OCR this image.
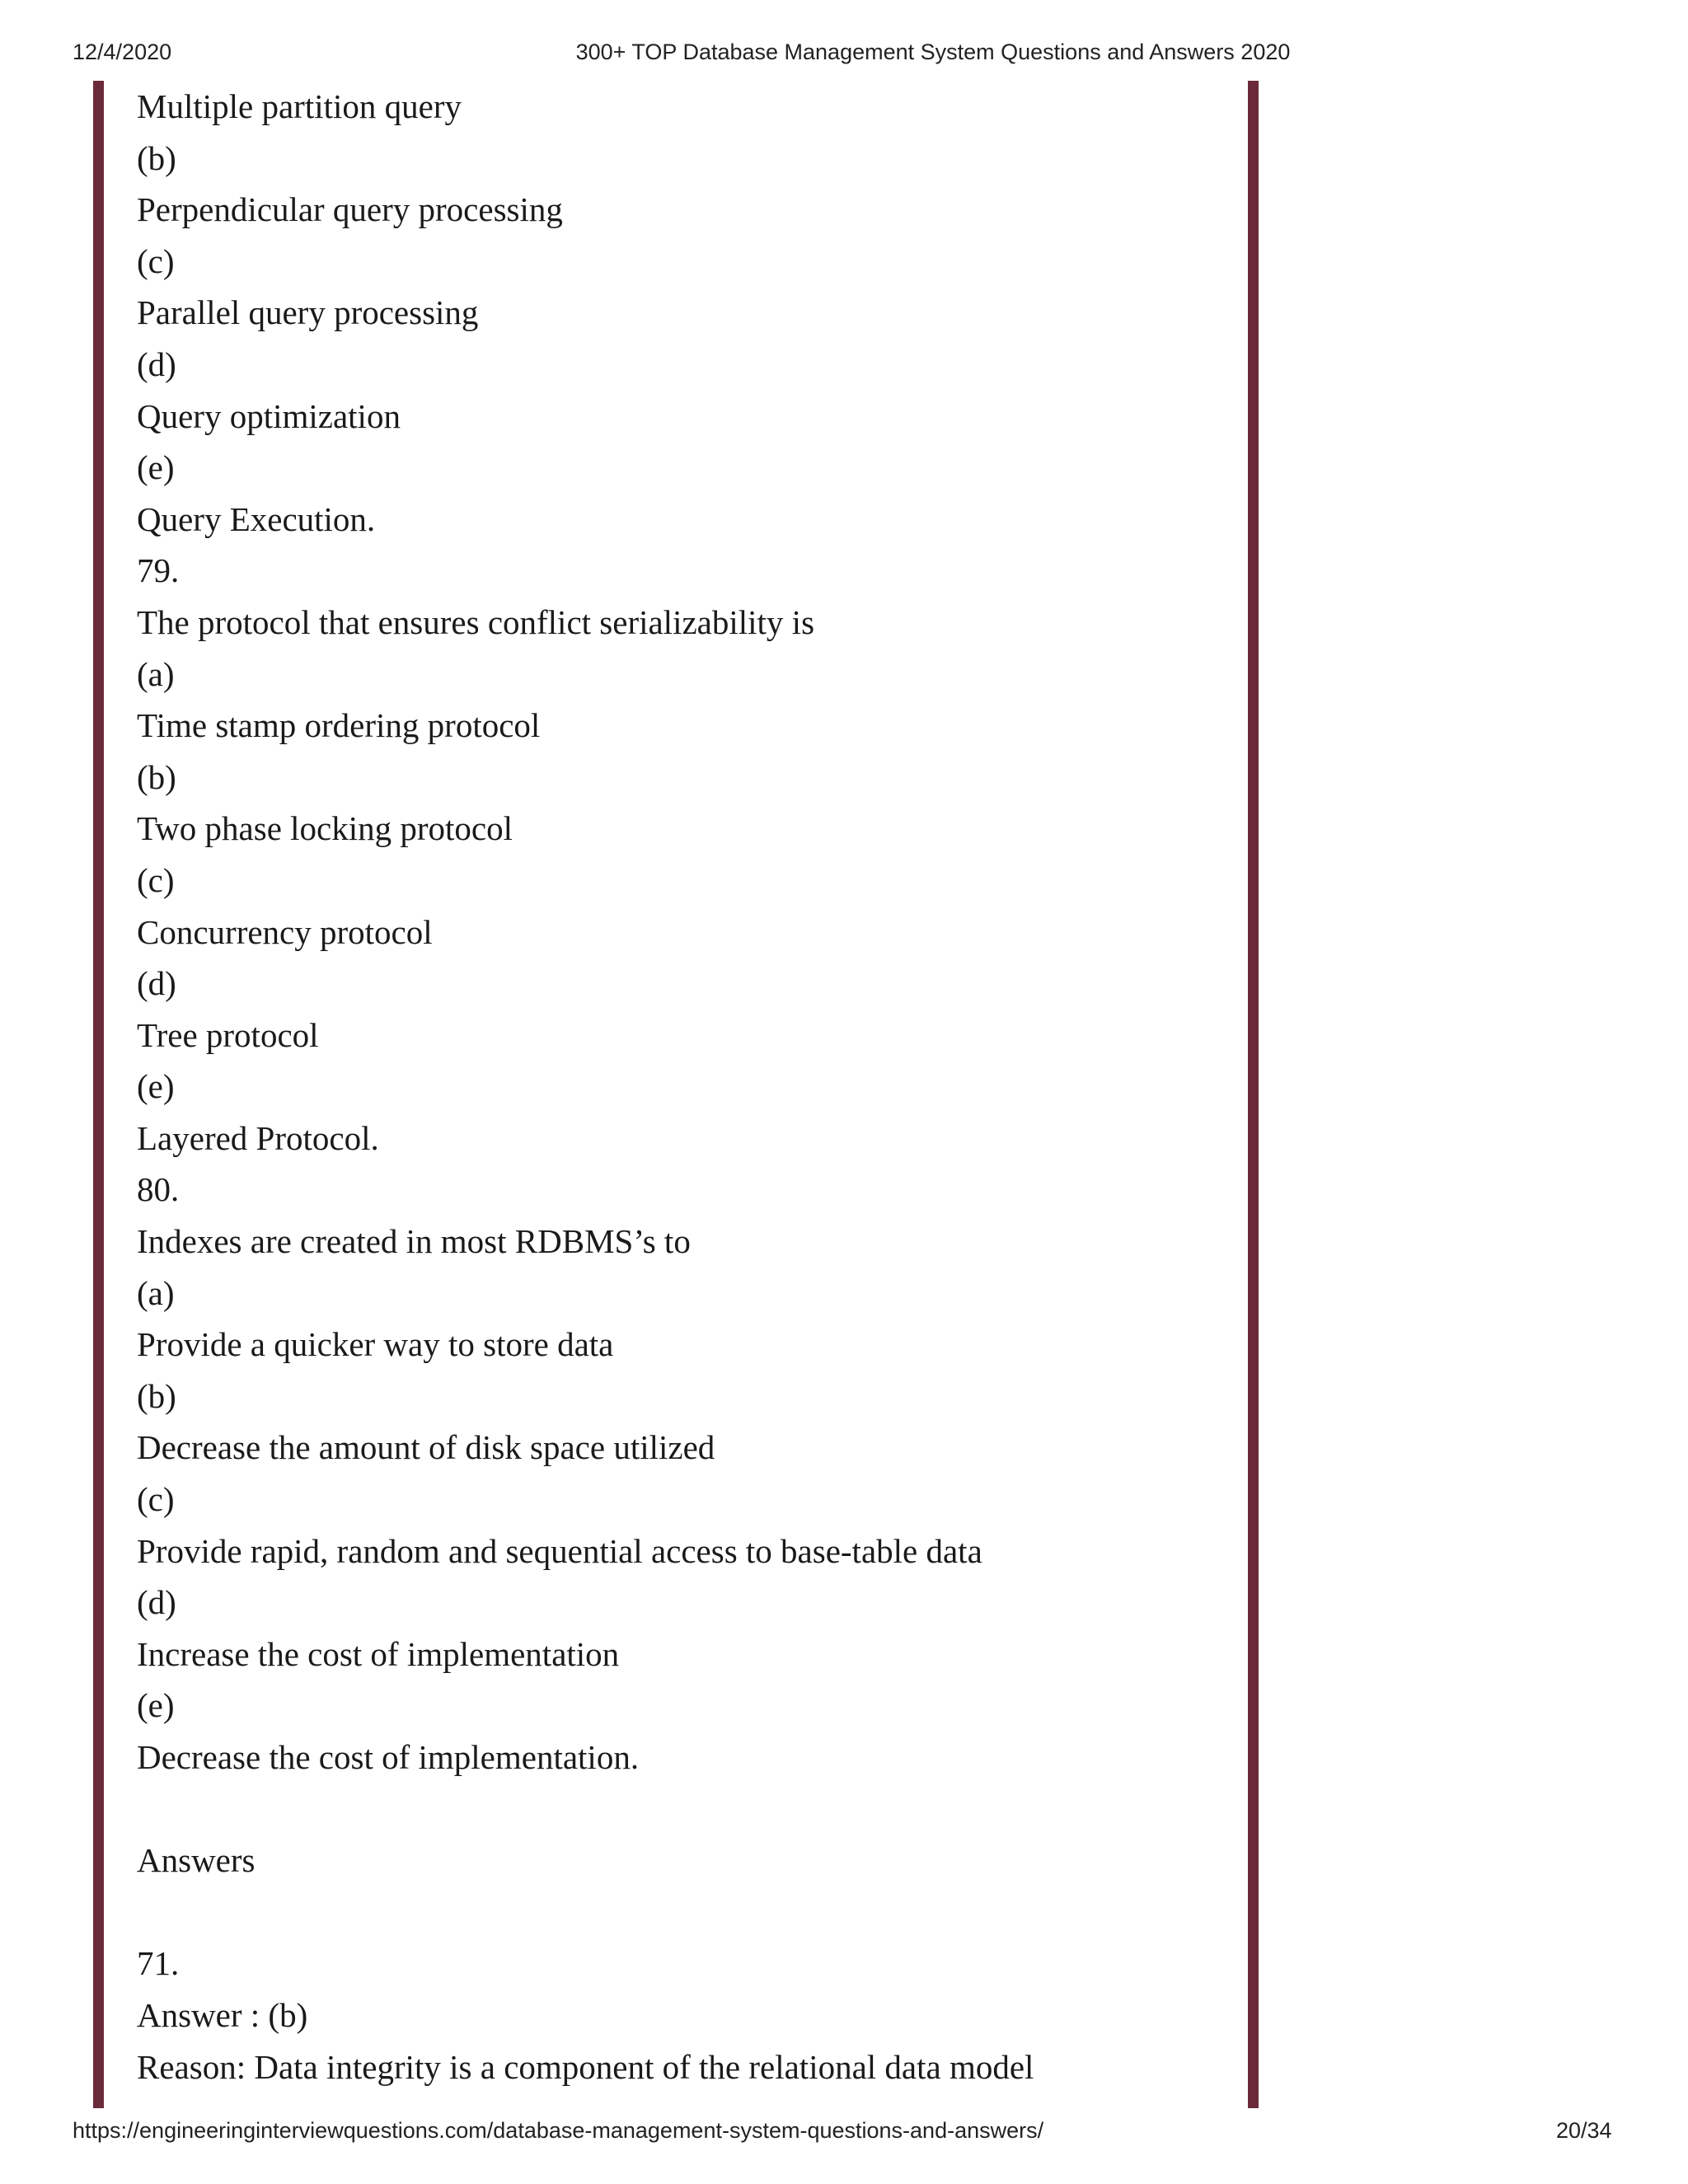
12/4/2020	300+ TOP Database Management System Questions and Answers 2020
Multiple partition query
(b)
Perpendicular query processing
(c)
Parallel query processing
(d)
Query optimization
(e)
Query Execution.
79.
The protocol that ensures conflict serializability is
(a)
Time stamp ordering protocol
(b)
Two phase locking protocol
(c)
Concurrency protocol
(d)
Tree protocol
(e)
Layered Protocol.
80.
Indexes are created in most RDBMS’s to
(a)
Provide a quicker way to store data
(b)
Decrease the amount of disk space utilized
(c)
Provide rapid, random and sequential access to base-table data
(d)
Increase the cost of implementation
(e)
Decrease the cost of implementation.
Answers
71.
Answer : (b)
Reason: Data integrity is a component of the relational data model
https://engineeringinterviewquestions.com/database-management-system-questions-and-answers/	20/34
